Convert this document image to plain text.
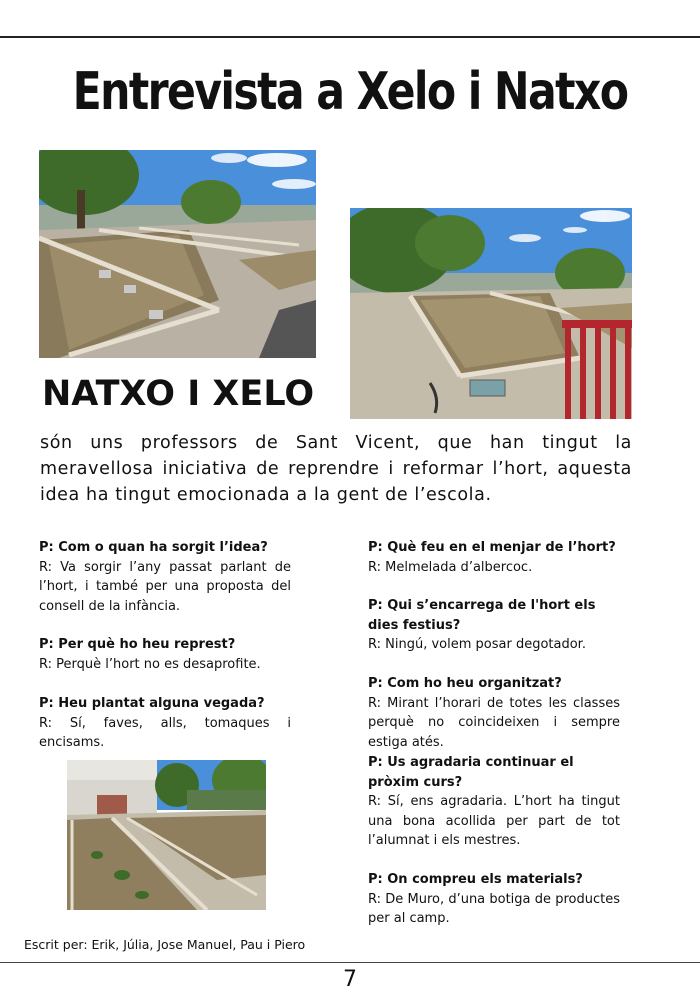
Entrevista a Xelo i Natxo
NATXO I XELO

són uns professors de Sant Vicent, que han tingut la meravellosa iniciativa de reprendre i reformar l’hort, aquesta idea ha tingut emocionada a la gent de l’escola.

P: Com o quan ha sorgit l’idea?
R: Va sorgir l’any passat parlant de l’hort, i també per una proposta del consell de la infància.
P: Per què ho heu represt?
R: Perquè l’hort no es desaprofite.
P: Heu plantat alguna vegada?
R: Sí, faves, alls, tomaques i encisams.
P: Què feu en el menjar de l’hort?
R: Melmelada d’albercoc.
P: Qui s’encarrega de l'hort els dies festius?
R: Ningú, volem posar degotador.
P: Com ho heu organitzat?
R: Mirant l’horari de totes les classes perquè no coincideixen i sempre estiga atés.
P: Us agradaria continuar el pròxim curs?
R: Sí, ens agradaria. L’hort ha tingut una bona acollida per part de tot l’alumnat i els mestres.
P: On compreu els materials?
R: De Muro, d’una botiga de productes per al camp.
Escrit per: Erik, Júlia, Jose Manuel, Pau i Piero
7
